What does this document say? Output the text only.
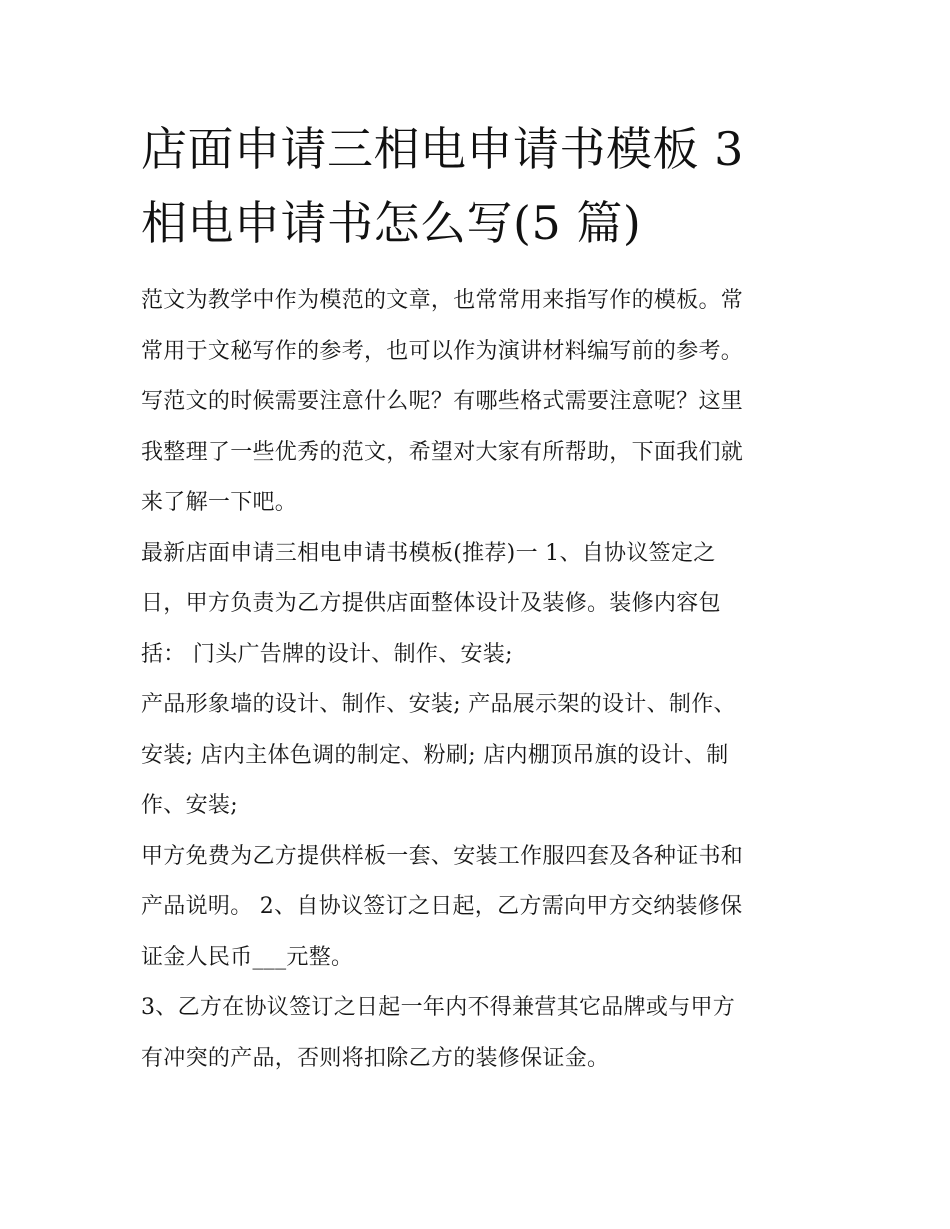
店面申请三相电申请书模板 3
相电申请书怎么写(5 篇)

范文为教学中作为模范的文章，也常常用来指写作的模板。常
常用于文秘写作的参考，也可以作为演讲材料编写前的参考。
写范文的时候需要注意什么呢？有哪些格式需要注意呢？这里
我整理了一些优秀的范文，希望对大家有所帮助，下面我们就
来了解一下吧。

最新店面申请三相电申请书模板(推荐)一 1、自协议签定之
日，甲方负责为乙方提供店面整体设计及装修。装修内容包
括： 门头广告牌的设计、制作、安装;

产品形象墙的设计、制作、安装; 产品展示架的设计、制作、
安装; 店内主体色调的制定、粉刷; 店内棚顶吊旗的设计、制
作、安装;

甲方免费为乙方提供样板一套、安装工作服四套及各种证书和
产品说明。 2、自协议签订之日起，乙方需向甲方交纳装修保
证金人民币___元整。

3、乙方在协议签订之日起一年内不得兼营其它品牌或与甲方
有冲突的产品，否则将扣除乙方的装修保证金。
